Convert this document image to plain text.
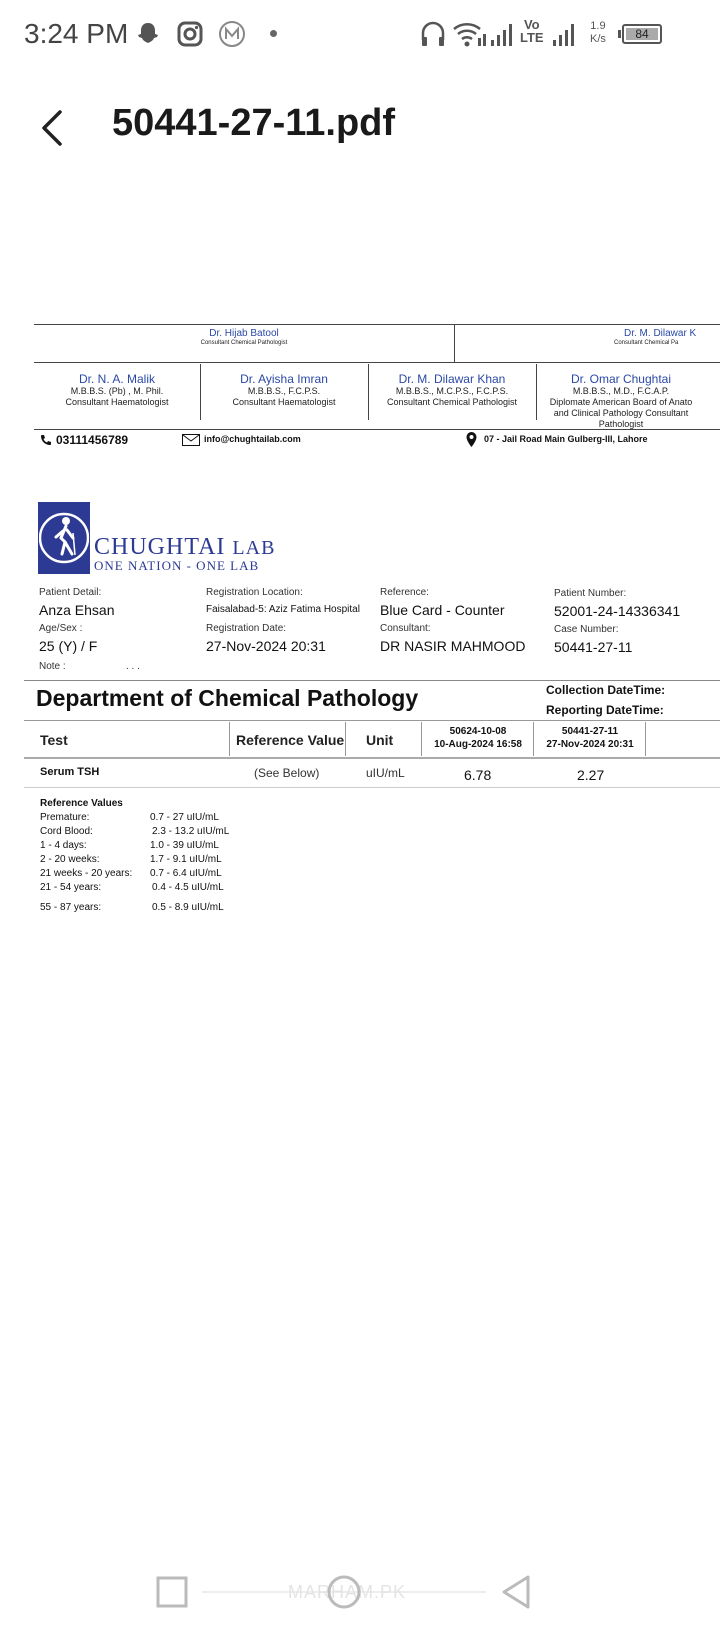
3:24 PM	Vo
LTE
1.9
K/s	84
50441-27-11.pdf
Dr. Hijab Batool
Consultant Chemical Pathologist
Dr. M. Dilawar K
Consultant Chemical Pa
Dr. N. A. Malik
M.B.B.S. (Pb) , M. Phil.
Consultant Haematologist
Dr. Ayisha Imran
M.B.B.S., F.C.P.S.
Consultant Haematologist
Dr. M. Dilawar Khan
M.B.B.S., M.C.P.S., F.C.P.S.
Consultant Chemical Pathologist
Dr. Omar Chughtai
M.B.B.S., M.D., F.C.A.P.
Diplomate American Board of Anato
and Clinical Pathology Consultant
Pathologist
03111456789	info@chughtailab.com	07 - Jail Road Main Gulberg-III, Lahore
CHUGHTAI LAB
ONE NATION - ONE LAB
Patient Detail:
Anza Ehsan
Age/Sex :
25 (Y) / F
Note :	. . .
Registration Location:
Faisalabad-5: Aziz Fatima Hospital
Registration Date:
27-Nov-2024 20:31
Reference:
Blue Card - Counter
Consultant:
DR NASIR MAHMOOD
Patient Number:
52001-24-14336341
Case Number:
50441-27-11
Department of Chemical Pathology	Collection DateTime:
Reporting DateTime:
Test	Reference Value Unit
50624-10-08
10-Aug-2024 16:58
50441-27-11
27-Nov-2024 20:31
Serum TSH	(See Below)	uIU/mL	6.78	2.27
Reference Values
Premature:	0.7 - 27 uIU/mL
Cord Blood:	2.3 - 13.2 uIU/mL
1 - 4 days:	1.0 - 39 uIU/mL
2 - 20 weeks:	1.7 - 9.1 uIU/mL
21 weeks - 20 years: 0.7 - 6.4 uIU/mL
21 - 54 years:	0.4 - 4.5 uIU/mL
55 - 87 years:	0.5 - 8.9 uIU/mL
MARHAM.PK
